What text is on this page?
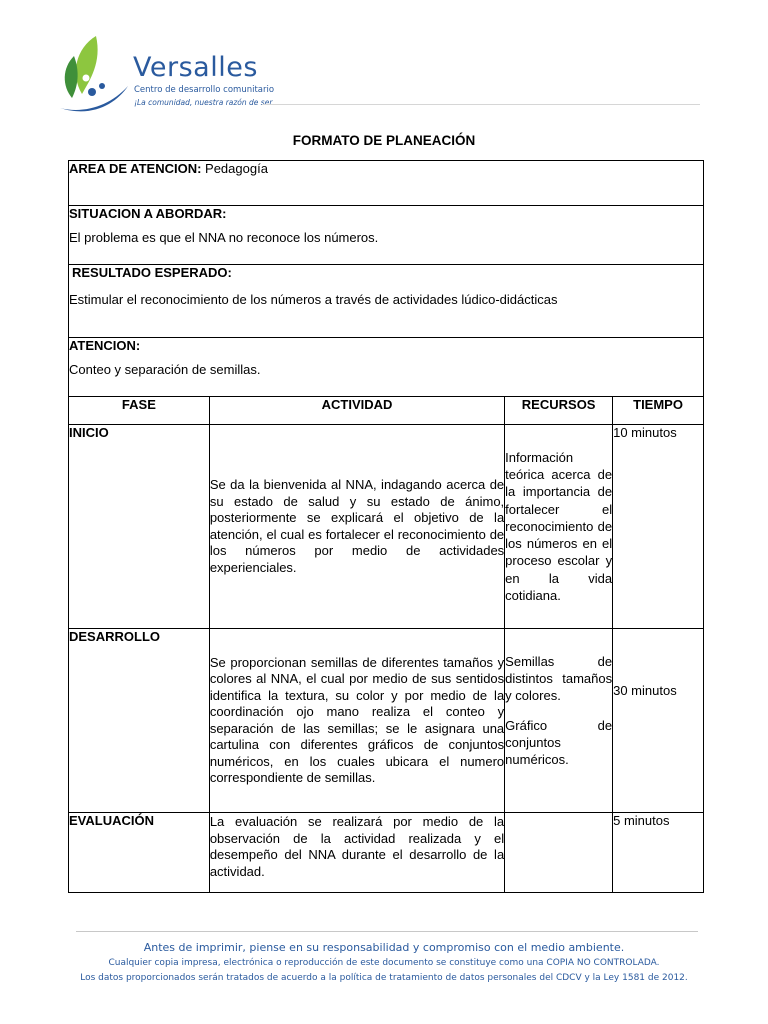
Versalles
Centro de desarrollo comunitario
¡La comunidad, nuestra razón de ser.
FORMATO DE PLANEACIÓN
AREA DE ATENCION: Pedagogía			

SITUACION A ABORDAR:

El problema es que el NNA no reconoce los números.			

RESULTADO ESPERADO:

Estimular el reconocimiento de los números a través de actividades lúdico-didácticas			

ATENCION:

Conteo y separación de semillas.			

FASE	ACTIVIDAD	RECURSOS	TIEMPO
INICIO	Se da la bienvenida al NNA, indagando acerca de su estado de salud y su estado de ánimo, posteriormente se explicará el objetivo de la atención, el cual es fortalecer el reconocimiento de los números por medio de actividades experienciales.	Información teórica acerca de la importancia de fortalecer el reconocimiento de los números en el proceso escolar y en la vida cotidiana.	10 minutos
DESARROLLO	Se proporcionan semillas de diferentes tamaños y colores al NNA, el cual por medio de sus sentidos identifica la textura, su color y por medio de la coordinación ojo mano realiza el conteo y separación de las semillas; se le asignara una cartulina con diferentes gráficos de conjuntos numéricos, en los cuales ubicara el numero correspondiente de semillas.	Semillas de distintos tamaños y colores.
Gráfico de conjuntos numéricos.	30 minutos
EVALUACIÓN	La evaluación se realizará por medio de la observación de la actividad realizada y el desempeño del NNA durante el desarrollo de la actividad.		5 minutos
Antes de imprimir, piense en su responsabilidad y compromiso con el medio ambiente.
Cualquier copia impresa, electrónica o reproducción de este documento se constituye como una COPIA NO CONTROLADA.
Los datos proporcionados serán tratados de acuerdo a la política de tratamiento de datos personales del CDCV y la Ley 1581 de 2012.
